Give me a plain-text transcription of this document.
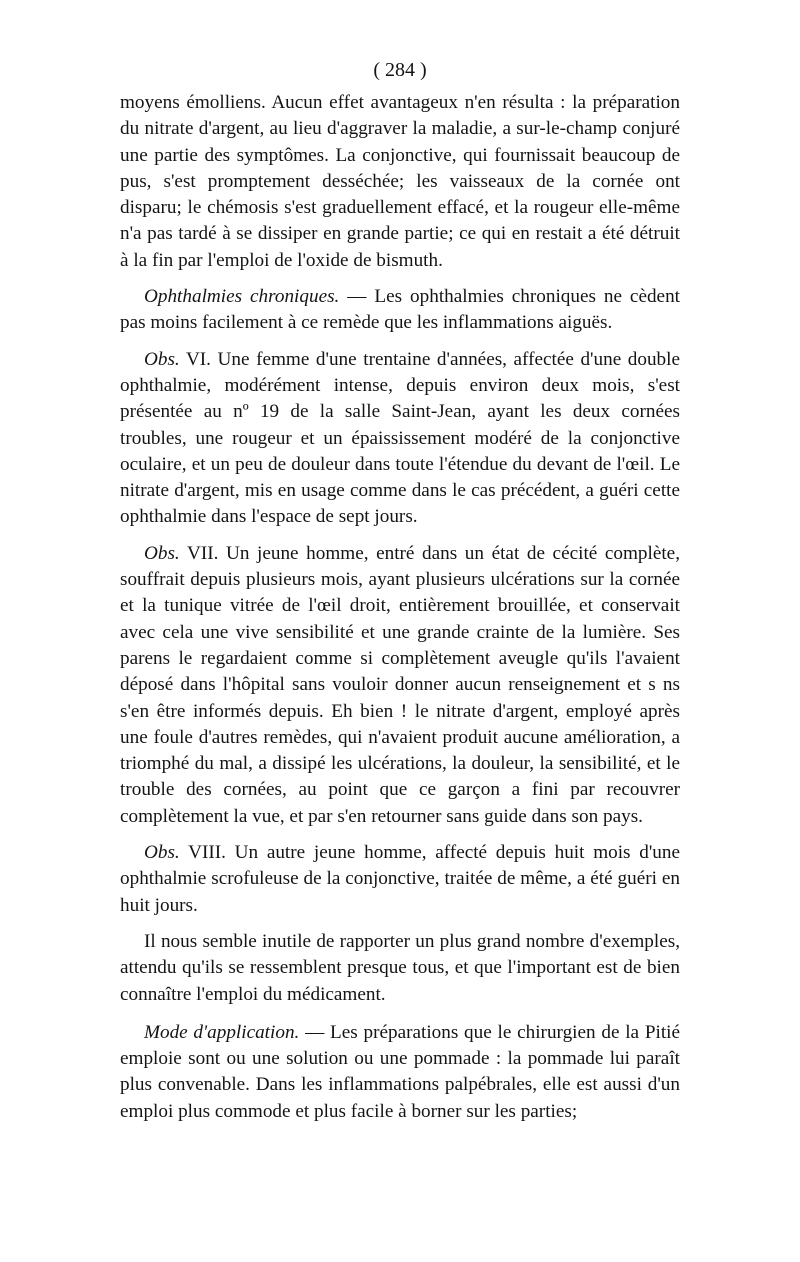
( 284 )

moyens émolliens. Aucun effet avantageux n'en résulta : la préparation du nitrate d'argent, au lieu d'aggraver la maladie, a sur-le-champ conjuré une partie des symptômes. La conjonctive, qui fournissait beaucoup de pus, s'est promptement desséchée; les vaisseaux de la cornée ont disparu; le chémosis s'est graduellement effacé, et la rougeur elle-même n'a pas tardé à se dissiper en grande partie; ce qui en restait a été détruit à la fin par l'emploi de l'oxide de bismuth.

Ophthalmies chroniques. — Les ophthalmies chroniques ne cèdent pas moins facilement à ce remède que les inflammations aiguës.

Obs. VI. Une femme d'une trentaine d'années, affectée d'une double ophthalmie, modérément intense, depuis environ deux mois, s'est présentée au nº 19 de la salle Saint-Jean, ayant les deux cornées troubles, une rougeur et un épaississement modéré de la conjonctive oculaire, et un peu de douleur dans toute l'étendue du devant de l'œil. Le nitrate d'argent, mis en usage comme dans le cas précédent, a guéri cette ophthalmie dans l'espace de sept jours.

Obs. VII. Un jeune homme, entré dans un état de cécité complète, souffrait depuis plusieurs mois, ayant plusieurs ulcérations sur la cornée et la tunique vitrée de l'œil droit, entièrement brouillée, et conservait avec cela une vive sensibilité et une grande crainte de la lumière. Ses parens le regardaient comme si complètement aveugle qu'ils l'avaient déposé dans l'hôpital sans vouloir donner aucun renseignement et s ns s'en être informés depuis. Eh bien ! le nitrate d'argent, employé après une foule d'autres remèdes, qui n'avaient produit aucune amélioration, a triomphé du mal, a dissipé les ulcérations, la douleur, la sensibilité, et le trouble des cornées, au point que ce garçon a fini par recouvrer complètement la vue, et par s'en retourner sans guide dans son pays.

Obs. VIII. Un autre jeune homme, affecté depuis huit mois d'une ophthalmie scrofuleuse de la conjonctive, traitée de même, a été guéri en huit jours.

Il nous semble inutile de rapporter un plus grand nombre d'exemples, attendu qu'ils se ressemblent presque tous, et que l'important est de bien connaître l'emploi du médicament.

Mode d'application. — Les préparations que le chirurgien de la Pitié emploie sont ou une solution ou une pommade : la pommade lui paraît plus convenable. Dans les inflammations palpébrales, elle est aussi d'un emploi plus commode et plus facile à borner sur les parties;
